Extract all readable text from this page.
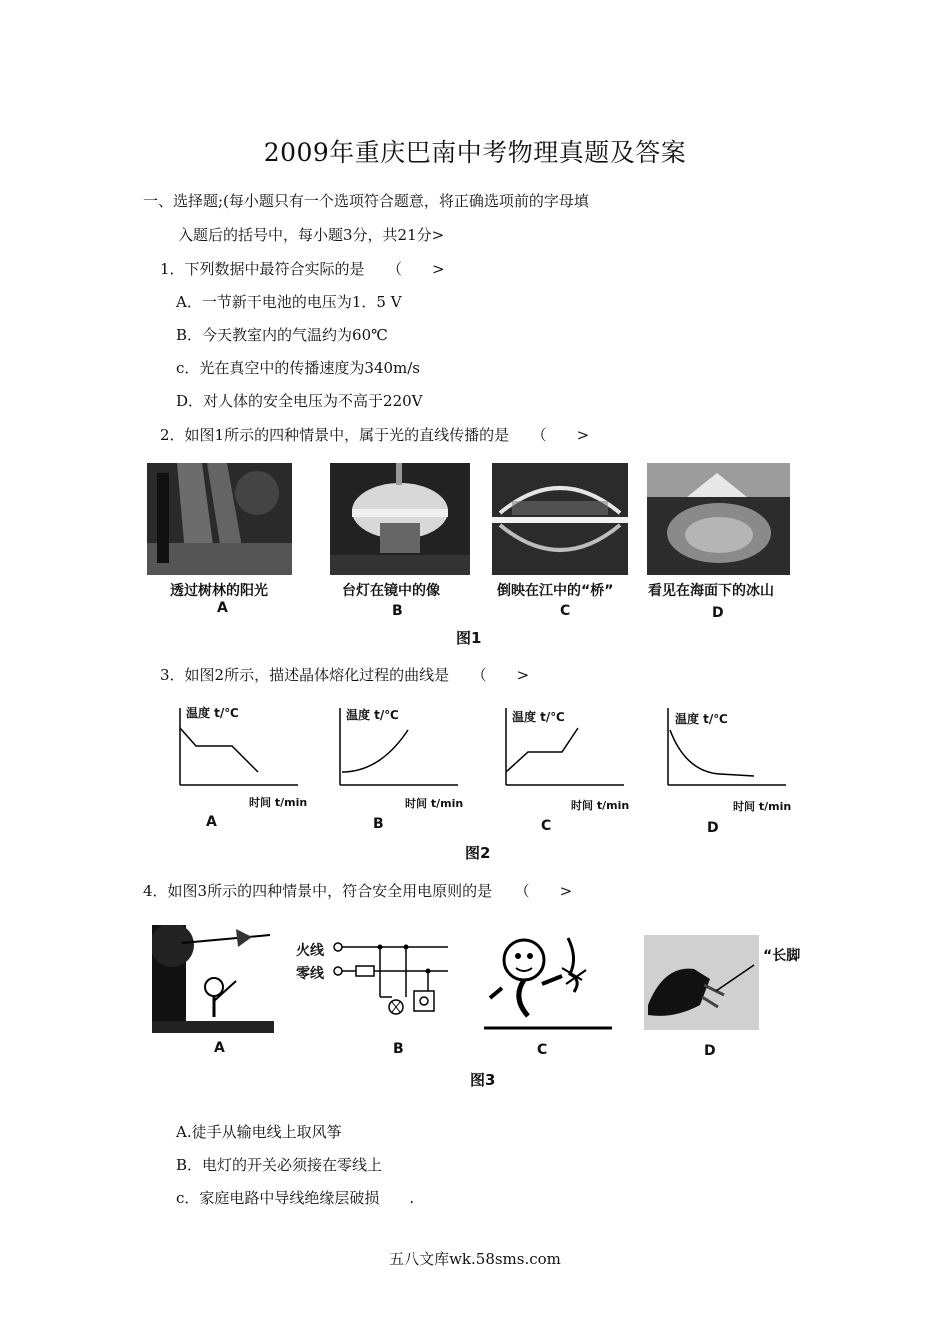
2009年重庆巴南中考物理真题及答案
一、选择题;(每小题只有一个选项符合题意，将正确选项前的字母填
入题后的括号中，每小题3分，共21分>
1．下列数据中最符合实际的是　　（　　>
A．一节新干电池的电压为1．5 V
B．今天教室内的气温约为60℃
c．光在真空中的传播速度为340m/s
D．对人体的安全电压为不高于220V
2．如图1所示的四种情景中，属于光的直线传播的是　　（　　>
透过树林的阳光	台灯在镜中的像	倒映在江中的“桥” 看见在海面下的冰山
A	B	C	D
图1
3．如图2所示，描述晶体熔化过程的曲线是　　（　　>
温度 t/℃	温度 t/℃	温度 t/℃	温度 t/℃
时间 t/min	时间 t/min	时间 t/min	时间 t/min
A	B	C	D
图2
4．如图3所示的四种情景中，符合安全用电原则的是　　（　　>
火线
零线
“长脚
A	B	C	D
图3
A.徒手从输电线上取风筝
B．电灯的开关必须接在零线上
c．家庭电路中导线绝缘层破损　　.
五八文库wk.58sms.com
